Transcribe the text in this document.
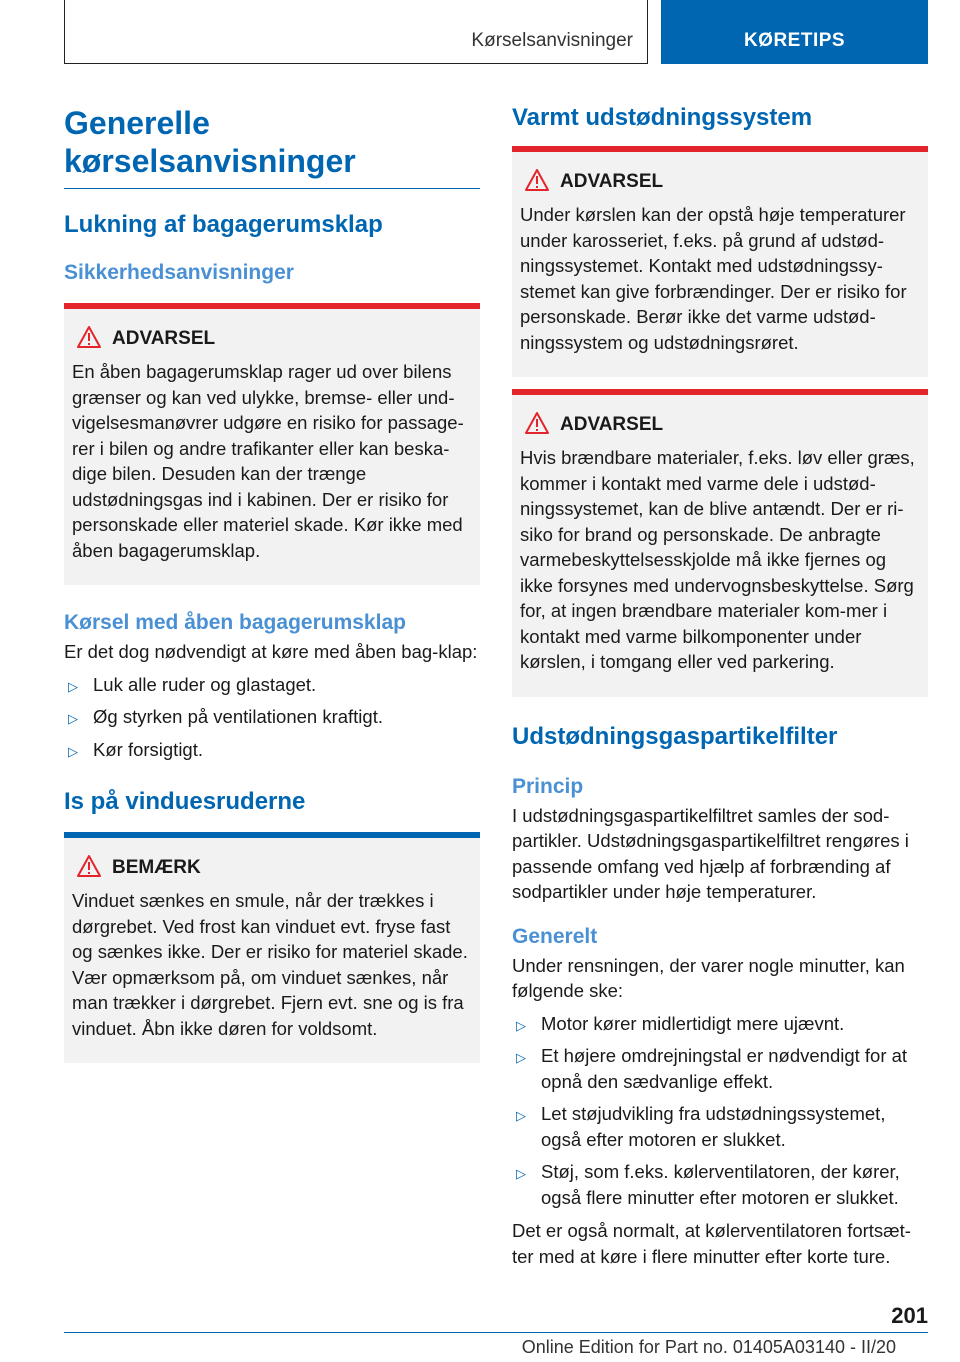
Kørselsanvisninger	KØRETIPS
Generelle kørselsanvisninger
Lukning af bagagerumsklap
Sikkerhedsanvisninger
ADVARSEL
En åben bagagerumsklap rager ud over bilens grænser og kan ved ulykke, bremse- eller und-vigelsesmanøvrer udgøre en risiko for passage-rer i bilen og andre trafikanter eller kan beska-dige bilen. Desuden kan der trænge udstødningsgas ind i kabinen. Der er risiko for personskade eller materiel skade. Kør ikke med åben bagagerumsklap.
Kørsel med åben bagagerumsklap

Er det dog nødvendigt at køre med åben bag-klap:

▷ Luk alle ruder og glastaget.
▷ Øg styrken på ventilationen kraftigt.
▷ Kør forsigtigt.
Is på vinduesruderne
BEMÆRK
Vinduet sænkes en smule, når der trækkes i dørgrebet. Ved frost kan vinduet evt. fryse fast og sænkes ikke. Der er risiko for materiel skade. Vær opmærksom på, om vinduet sænkes, når man trækker i dørgrebet. Fjern evt. sne og is fra vinduet. Åbn ikke døren for voldsomt.
Varmt udstødningssystem
ADVARSEL
Under kørslen kan der opstå høje temperaturer under karosseriet, f.eks. på grund af udstød-ningssystemet. Kontakt med udstødningssy-stemet kan give forbrændinger. Der er risiko for personskade. Berør ikke det varme udstød-ningssystem og udstødningsrøret.
ADVARSEL
Hvis brændbare materialer, f.eks. løv eller græs, kommer i kontakt med varme dele i udstød-ningssystemet, kan de blive antændt. Der er ri-siko for brand og personskade. De anbragte varmebeskyttelsesskjolde må ikke fjernes og ikke forsynes med undervognsbeskyttelse. Sørg for, at ingen brændbare materialer kom-mer i kontakt med varme bilkomponenter under kørslen, i tomgang eller ved parkering.
Udstødningsgaspartikelfilter
Princip

I udstødningsgaspartikelfiltret samles der sod-partikler. Udstødningsgaspartikelfiltret rengøres i passende omfang ved hjælp af forbrænding af sodpartikler under høje temperaturer.

Generelt

Under rensningen, der varer nogle minutter, kan følgende ske:

▷ Motor kører midlertidigt mere ujævnt.
▷ Et højere omdrejningstal er nødvendigt for at opnå den sædvanlige effekt.
▷ Let støjudvikling fra udstødningssystemet, også efter motoren er slukket.
▷ Støj, som f.eks. kølerventilatoren, der kører, også flere minutter efter motoren er slukket.

Det er også normalt, at kølerventilatoren fortsæt-ter med at køre i flere minutter efter korte ture.

201
Online Edition for Part no. 01405A03140 - II/20
